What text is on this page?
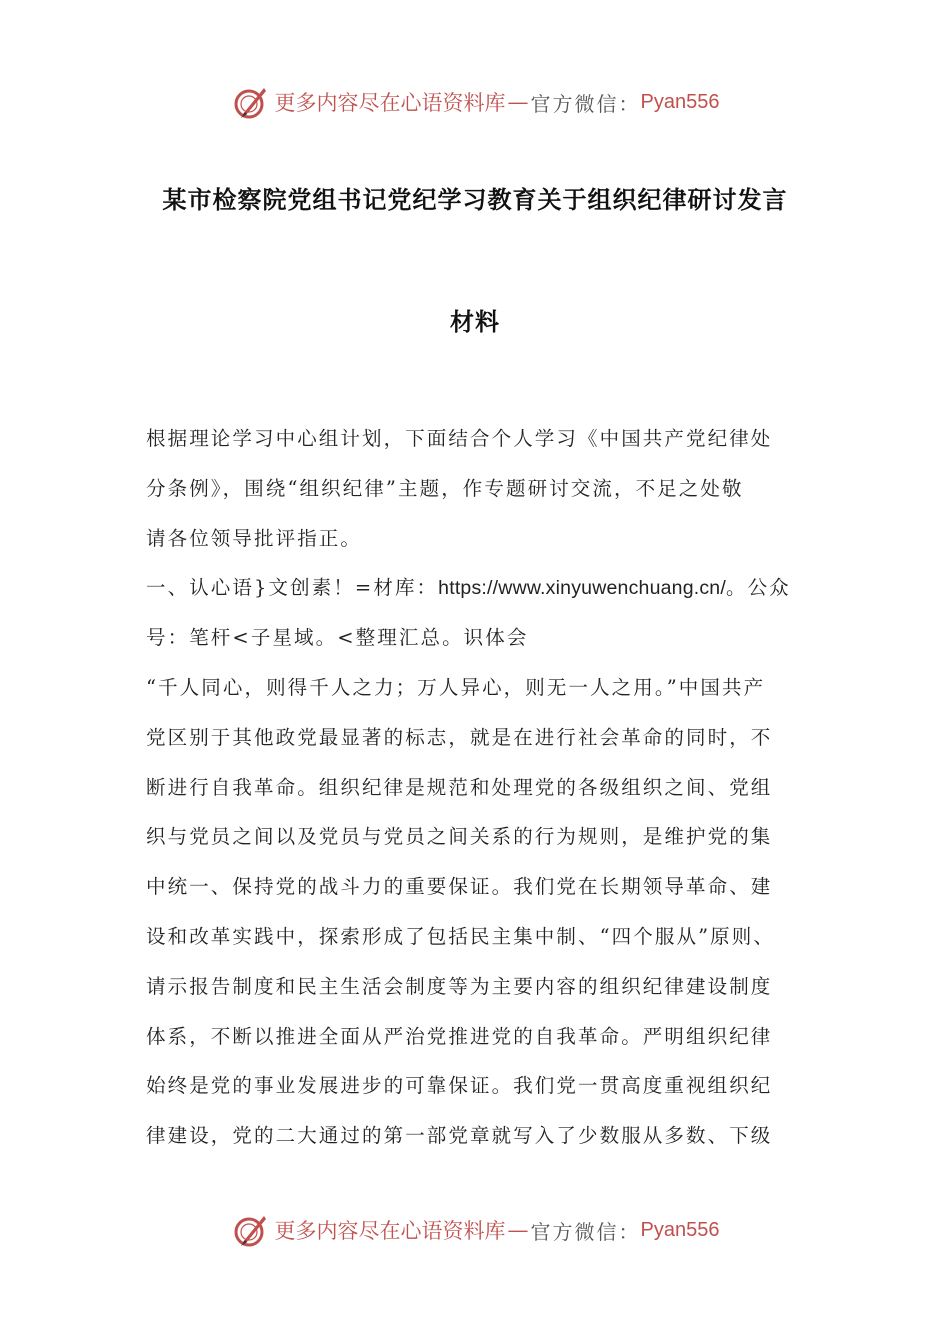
更多内容尽在心语资料库 — 官方微信： Pyan556
某市检察院党组书记党纪学习教育关于组织纪律研讨发言
材料
根据理论学习中心组计划，下面结合个人学习《中国共产党纪律处
分条例》，围绕“组织纪律”主题，作专题研讨交流，不足之处敬
请各位领导批评指正。
一、认心语}文创素！=材库：https://www.xinyuwenchuang.cn/。公众
号：笔杆<子星域。<整理汇总。识体会
“千人同心，则得千人之力；万人异心，则无一人之用。”中国共产
党区别于其他政党最显著的标志，就是在进行社会革命的同时，不
断进行自我革命。组织纪律是规范和处理党的各级组织之间、党组
织与党员之间以及党员与党员之间关系的行为规则，是维护党的集
中统一、保持党的战斗力的重要保证。我们党在长期领导革命、建
设和改革实践中，探索形成了包括民主集中制、“四个服从”原则、
请示报告制度和民主生活会制度等为主要内容的组织纪律建设制度
体系，不断以推进全面从严治党推进党的自我革命。严明组织纪律
始终是党的事业发展进步的可靠保证。我们党一贯高度重视组织纪
律建设，党的二大通过的第一部党章就写入了少数服从多数、下级
更多内容尽在心语资料库 — 官方微信： Pyan556
